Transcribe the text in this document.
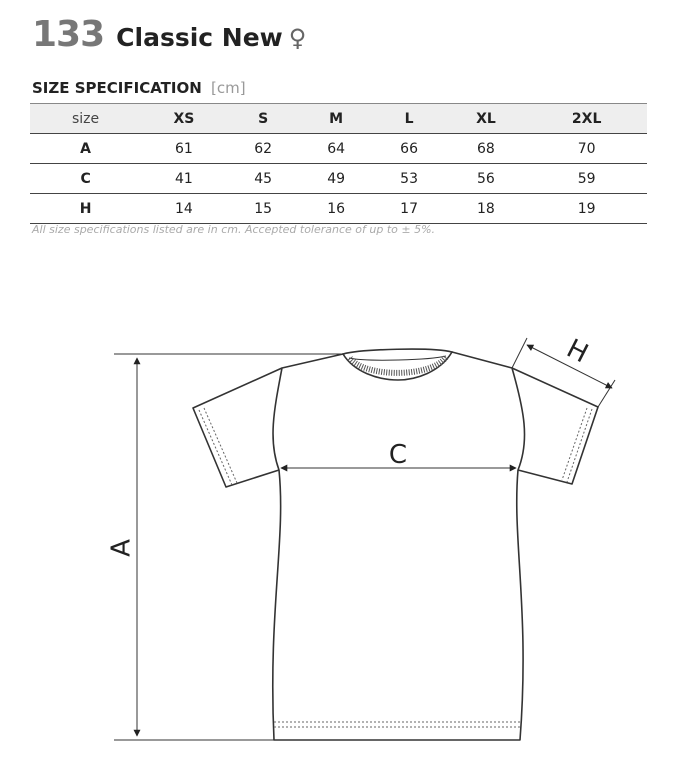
133 Classic New ♀
SIZE SPECIFICATION [cm]
size	XS	S	M	L	XL	2XL
A	61	62	64	66	68	70
C	41	45	49	53	56	59
H	14	15	16	17	18	19
All size specifications listed are in cm. Accepted tolerance of up to ± 5%.
A
C
H
